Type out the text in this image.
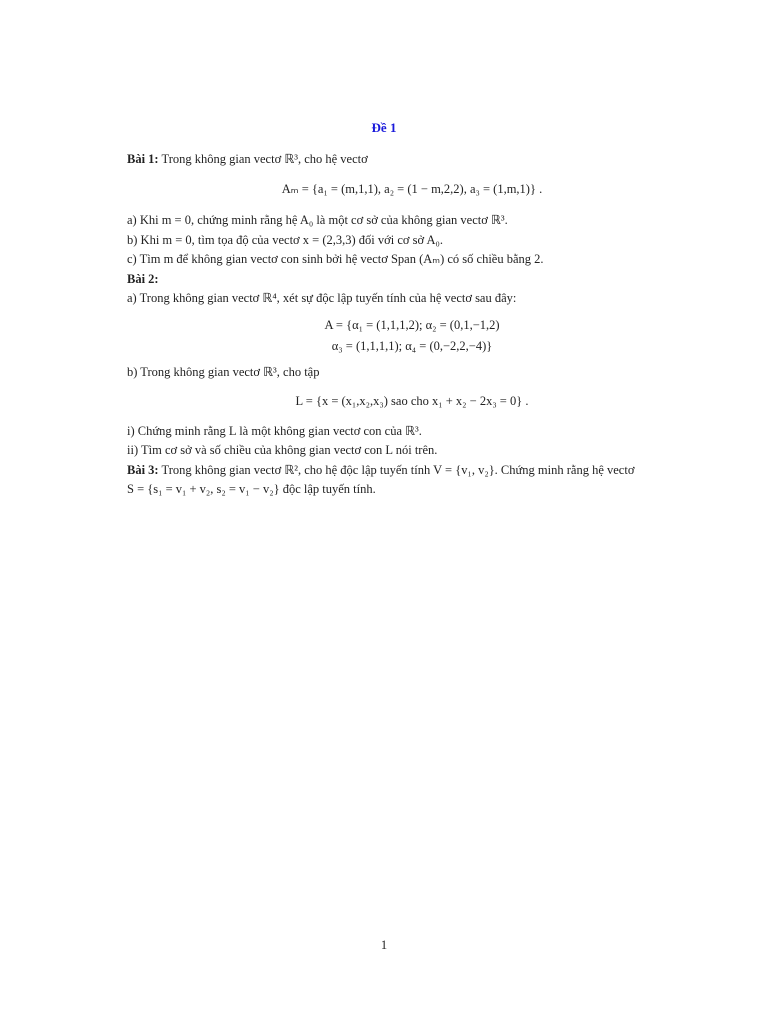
Đề 1
Bài 1: Trong không gian vectơ ℝ³, cho hệ vectơ
Aₘ = {a₁ = (m,1,1), a₂ = (1 − m,2,2), a₃ = (1,m,1)} .
a) Khi m = 0, chứng minh rằng hệ A₀ là một cơ sở của không gian vectơ ℝ³.
b) Khi m = 0, tìm tọa độ của vectơ x = (2,3,3) đối với cơ sở A₀.
c) Tìm m để không gian vectơ con sinh bởi hệ vectơ Span (Aₘ) có số chiều bằng 2.
Bài 2:
a) Trong không gian vectơ ℝ⁴, xét sự độc lập tuyến tính của hệ vectơ sau đây:
A = {α₁ = (1,1,1,2); α₂ = (0,1,−1,2)
α₃ = (1,1,1,1); α₄ = (0,−2,2,−4)}
b) Trong không gian vectơ ℝ³, cho tập
L = {x = (x₁,x₂,x₃) sao cho x₁ + x₂ − 2x₃ = 0} .
i) Chứng minh rằng L là một không gian vectơ con của ℝ³.
ii) Tìm cơ sở và số chiều của không gian vectơ con L nói trên.
Bài 3: Trong không gian vectơ ℝ², cho hệ độc lập tuyến tính V = {v₁, v₂}. Chứng minh rằng hệ vectơ
S = {s₁ = v₁ + v₂, s₂ = v₁ − v₂} độc lập tuyến tính.
1
